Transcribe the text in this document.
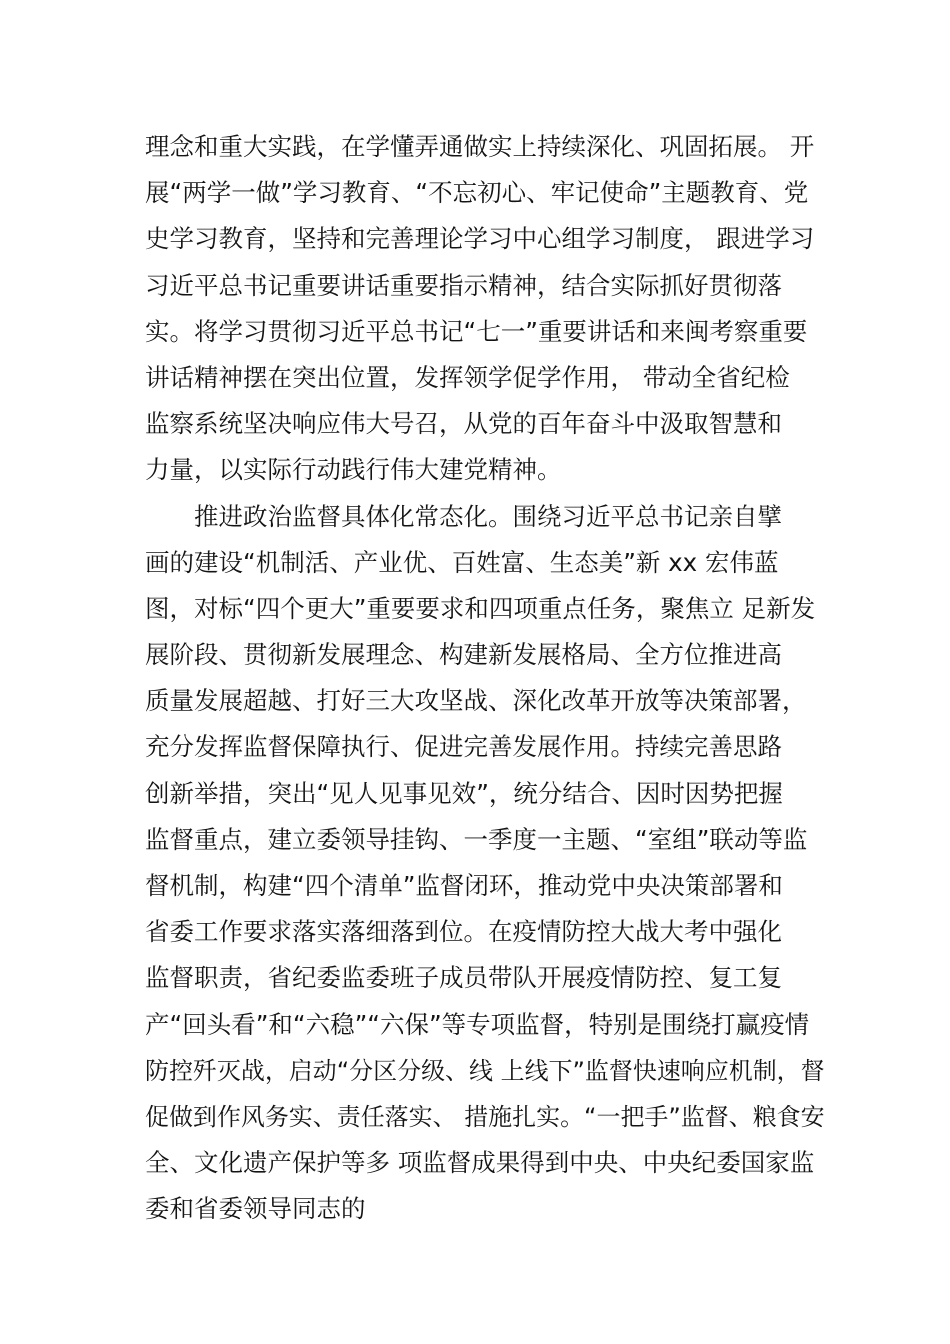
理念和重大实践，在学懂弄通做实上持续深化、巩固拓展。 开
展“两学一做”学习教育、“不忘初心、牢记使命”主题教育、党
史学习教育，坚持和完善理论学习中心组学习制度， 跟进学习
习近平总书记重要讲话重要指示精神，结合实际抓好贯彻落
实。将学习贯彻习近平总书记“七一”重要讲话和来闽考察重要
讲话精神摆在突出位置，发挥领学促学作用， 带动全省纪检
监察系统坚决响应伟大号召，从党的百年奋斗中汲取智慧和
力量，以实际行动践行伟大建党精神。
推进政治监督具体化常态化。围绕习近平总书记亲自擘
画的建设“机制活、产业优、百姓富、生态美”新 xx 宏伟蓝
图，对标“四个更大”重要要求和四项重点任务，聚焦立 足新发
展阶段、贯彻新发展理念、构建新发展格局、全方位推进高
质量发展超越、打好三大攻坚战、深化改革开放等决策部署，
充分发挥监督保障执行、促进完善发展作用。持续完善思路
创新举措，突出“见人见事见效”，统分结合、因时因势把握
监督重点，建立委领导挂钩、一季度一主题、“室组”联动等监
督机制，构建“四个清单”监督闭环，推动党中央决策部署和
省委工作要求落实落细落到位。在疫情防控大战大考中强化
监督职责，省纪委监委班子成员带队开展疫情防控、复工复
产“回头看”和“六稳”“六保”等专项监督，特别是围绕打赢疫情
防控歼灭战，启动“分区分级、线 上线下”监督快速响应机制，督
促做到作风务实、责任落实、 措施扎实。“一把手”监督、粮食安
全、文化遗产保护等多 项监督成果得到中央、中央纪委国家监
委和省委领导同志的
